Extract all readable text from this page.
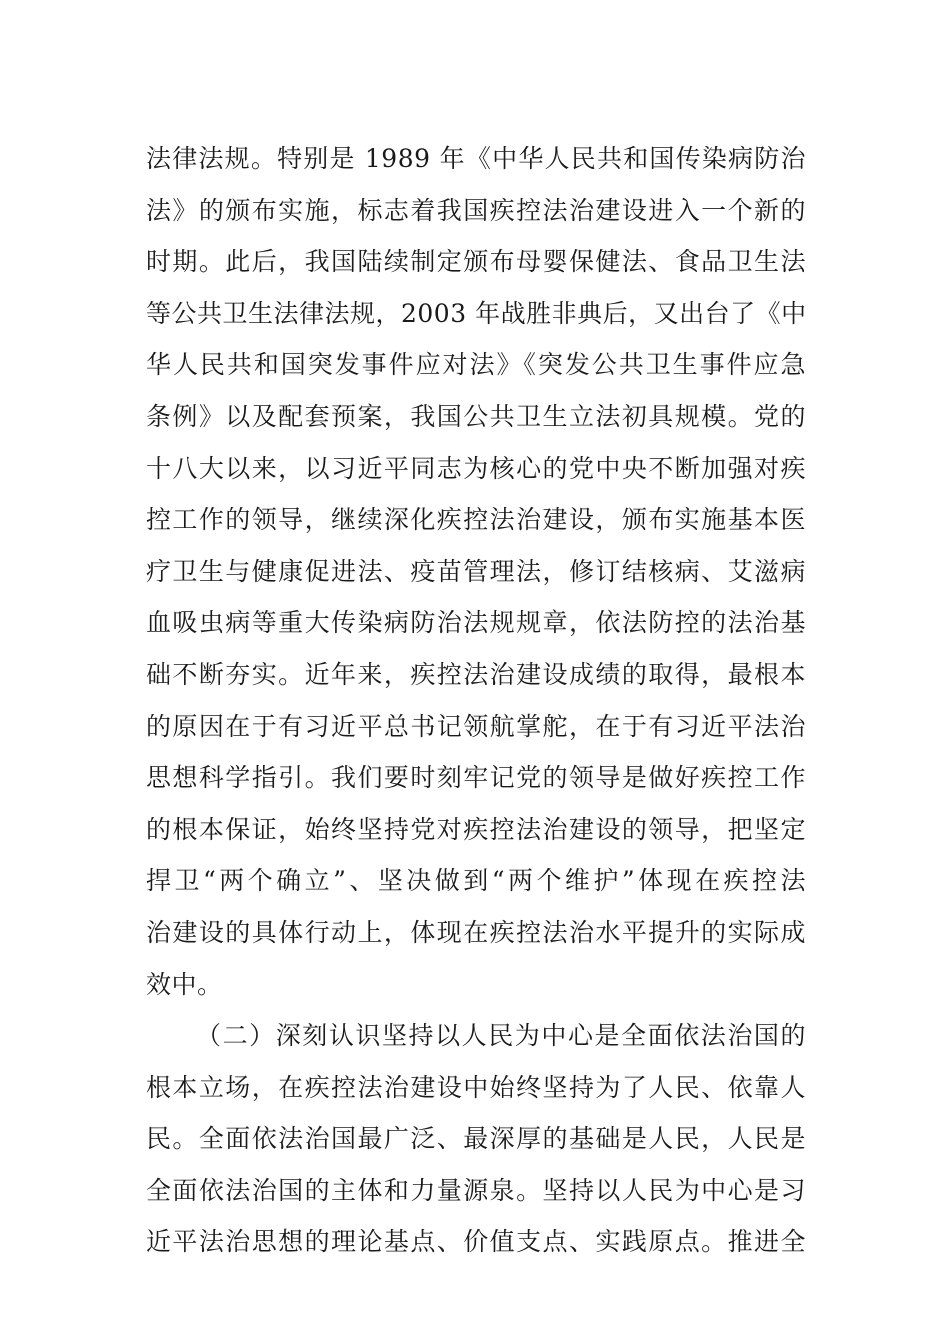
法律法规。特别是 1989 年《中华人民共和国传染病防治
法》的颁布实施，标志着我国疾控法治建设进入一个新的
时期。此后，我国陆续制定颁布母婴保健法、食品卫生法
等公共卫生法律法规，2003 年战胜非典后，又出台了《中
华人民共和国突发事件应对法》《突发公共卫生事件应急
条例》以及配套预案，我国公共卫生立法初具规模。党的
十八大以来，以习近平同志为核心的党中央不断加强对疾
控工作的领导，继续深化疾控法治建设，颁布实施基本医
疗卫生与健康促进法、疫苗管理法，修订结核病、艾滋病
血吸虫病等重大传染病防治法规规章，依法防控的法治基
础不断夯实。近年来，疾控法治建设成绩的取得，最根本
的原因在于有习近平总书记领航掌舵，在于有习近平法治
思想科学指引。我们要时刻牢记党的领导是做好疾控工作
的根本保证，始终坚持党对疾控法治建设的领导，把坚定
捍卫“两个确立”、坚决做到“两个维护”体现在疾控法
治建设的具体行动上，体现在疾控法治水平提升的实际成
效中。
（二）深刻认识坚持以人民为中心是全面依法治国的
根本立场，在疾控法治建设中始终坚持为了人民、依靠人
民。全面依法治国最广泛、最深厚的基础是人民，人民是
全面依法治国的主体和力量源泉。坚持以人民为中心是习
近平法治思想的理论基点、价值支点、实践原点。推进全
